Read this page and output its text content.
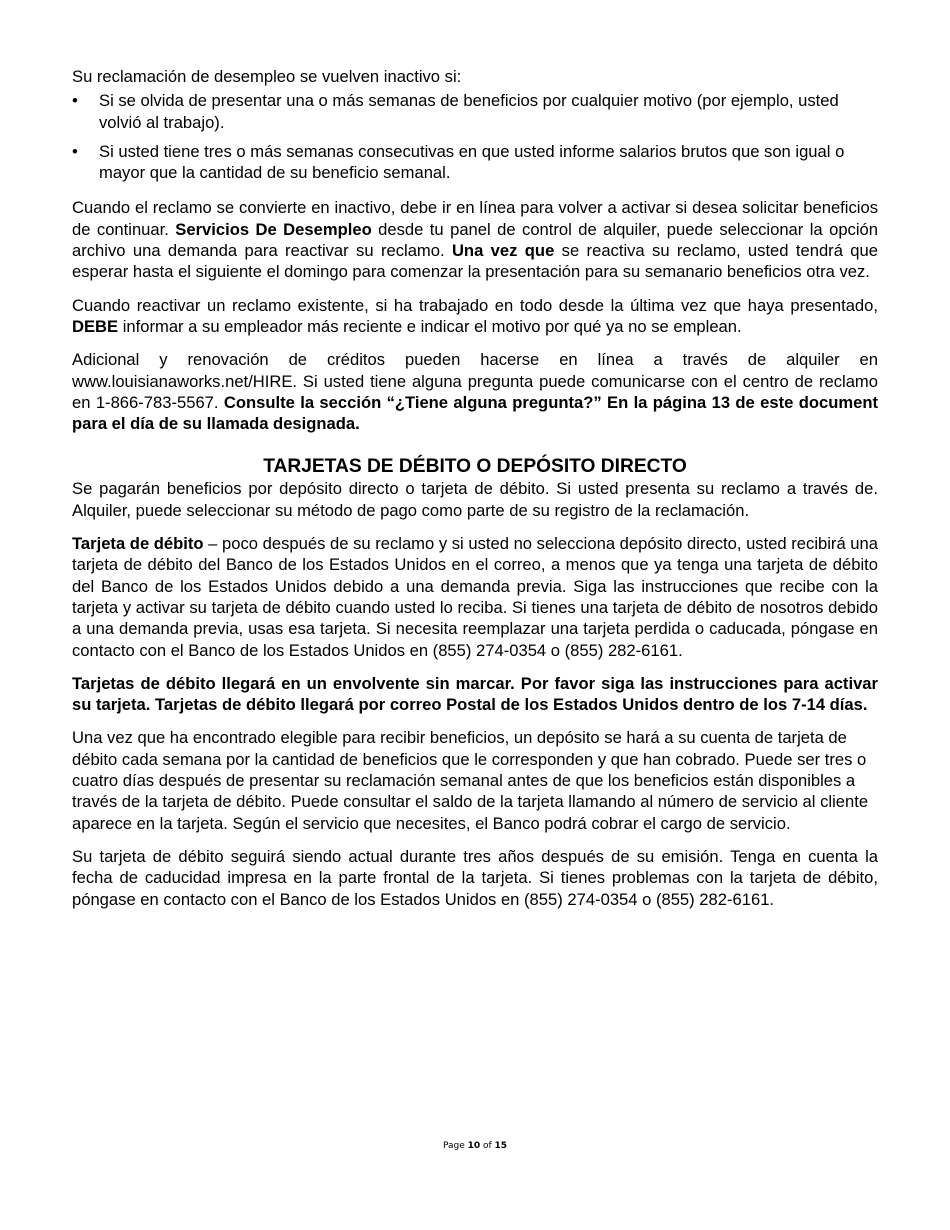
Su reclamación de desempleo se vuelven inactivo si:

• Si se olvida de presentar una o más semanas de beneficios por cualquier motivo (por ejemplo, usted volvió al trabajo).
• Si usted tiene tres o más semanas consecutivas en que usted informe salarios brutos que son igual o mayor que la cantidad de su beneficio semanal.

Cuando el reclamo se convierte en inactivo, debe ir en línea para volver a activar si desea solicitar beneficios de continuar. Servicios De Desempleo desde tu panel de control de alquiler, puede seleccionar la opción archivo una demanda para reactivar su reclamo. Una vez que se reactiva su reclamo, usted tendrá que esperar hasta el siguiente el domingo para comenzar la presentación para su semanario beneficios otra vez.

Cuando reactivar un reclamo existente, si ha trabajado en todo desde la última vez que haya presentado, DEBE informar a su empleador más reciente e indicar el motivo por qué ya no se emplean.

Adicional y renovación de créditos pueden hacerse en línea a través de alquiler en www.louisianaworks.net/HIRE. Si usted tiene alguna pregunta puede comunicarse con el centro de reclamo en 1-866-783-5567. Consulte la sección “¿Tiene alguna pregunta?” En la página 13 de este document para el día de su llamada designada.

TARJETAS DE DÉBITO O DEPÓSITO DIRECTO

Se pagarán beneficios por depósito directo o tarjeta de débito. Si usted presenta su reclamo a través de. Alquiler, puede seleccionar su método de pago como parte de su registro de la reclamación.

Tarjeta de débito – poco después de su reclamo y si usted no selecciona depósito directo, usted recibirá una tarjeta de débito del Banco de los Estados Unidos en el correo, a menos que ya tenga una tarjeta de débito del Banco de los Estados Unidos debido a una demanda previa. Siga las instrucciones que recibe con la tarjeta y activar su tarjeta de débito cuando usted lo reciba. Si tienes una tarjeta de débito de nosotros debido a una demanda previa, usas esa tarjeta. Si necesita reemplazar una tarjeta perdida o caducada, póngase en contacto con el Banco de los Estados Unidos en (855) 274-0354 o (855) 282-6161.

Tarjetas de débito llegará en un envolvente sin marcar. Por favor siga las instrucciones para activar su tarjeta. Tarjetas de débito llegará por correo Postal de los Estados Unidos dentro de los 7-14 días.

Una vez que ha encontrado elegible para recibir beneficios, un depósito se hará a su cuenta de tarjeta de débito cada semana por la cantidad de beneficios que le corresponden y que han cobrado. Puede ser tres o cuatro días después de presentar su reclamación semanal antes de que los beneficios están disponibles a través de la tarjeta de débito. Puede consultar el saldo de la tarjeta llamando al número de servicio al cliente aparece en la tarjeta. Según el servicio que necesites, el Banco podrá cobrar el cargo de servicio.

Su tarjeta de débito seguirá siendo actual durante tres años después de su emisión. Tenga en cuenta la fecha de caducidad impresa en la parte frontal de la tarjeta. Si tienes problemas con la tarjeta de débito, póngase en contacto con el Banco de los Estados Unidos en (855) 274-0354 o (855) 282-6161.

Page 10 of 15
